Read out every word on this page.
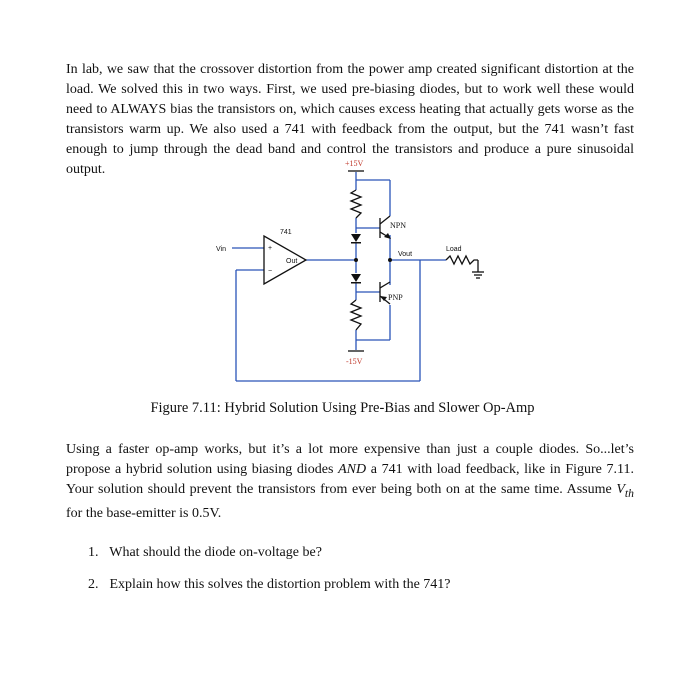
In lab, we saw that the crossover distortion from the power amp created significant distortion at the load. We solved this in two ways. First, we used pre-biasing diodes, but to work well these would need to ALWAYS bias the transistors on, which causes excess heating that actually gets worse as the transistors warm up. We also used a 741 with feedback from the output, but the 741 wasn’t fast enough to jump through the dead band and control the transistors and produce a pure sinusoidal output.	+15V
-15V
NPN
PNP
741
Out
Vin	+
−
Vout
Load
Figure 7.11: Hybrid Solution Using Pre-Bias and Slower Op-Amp

Using a faster op-amp works, but it’s a lot more expensive than just a couple diodes. So...let’s propose a hybrid solution using biasing diodes AND a 741 with load feedback, like in Figure 7.11. Your solution should prevent the transistors from ever being both on at the same time. Assume $V_{th}$ for the base-emitter is 0.5V.

1. What should the diode on-voltage be?
2. Explain how this solves the distortion problem with the 741?
